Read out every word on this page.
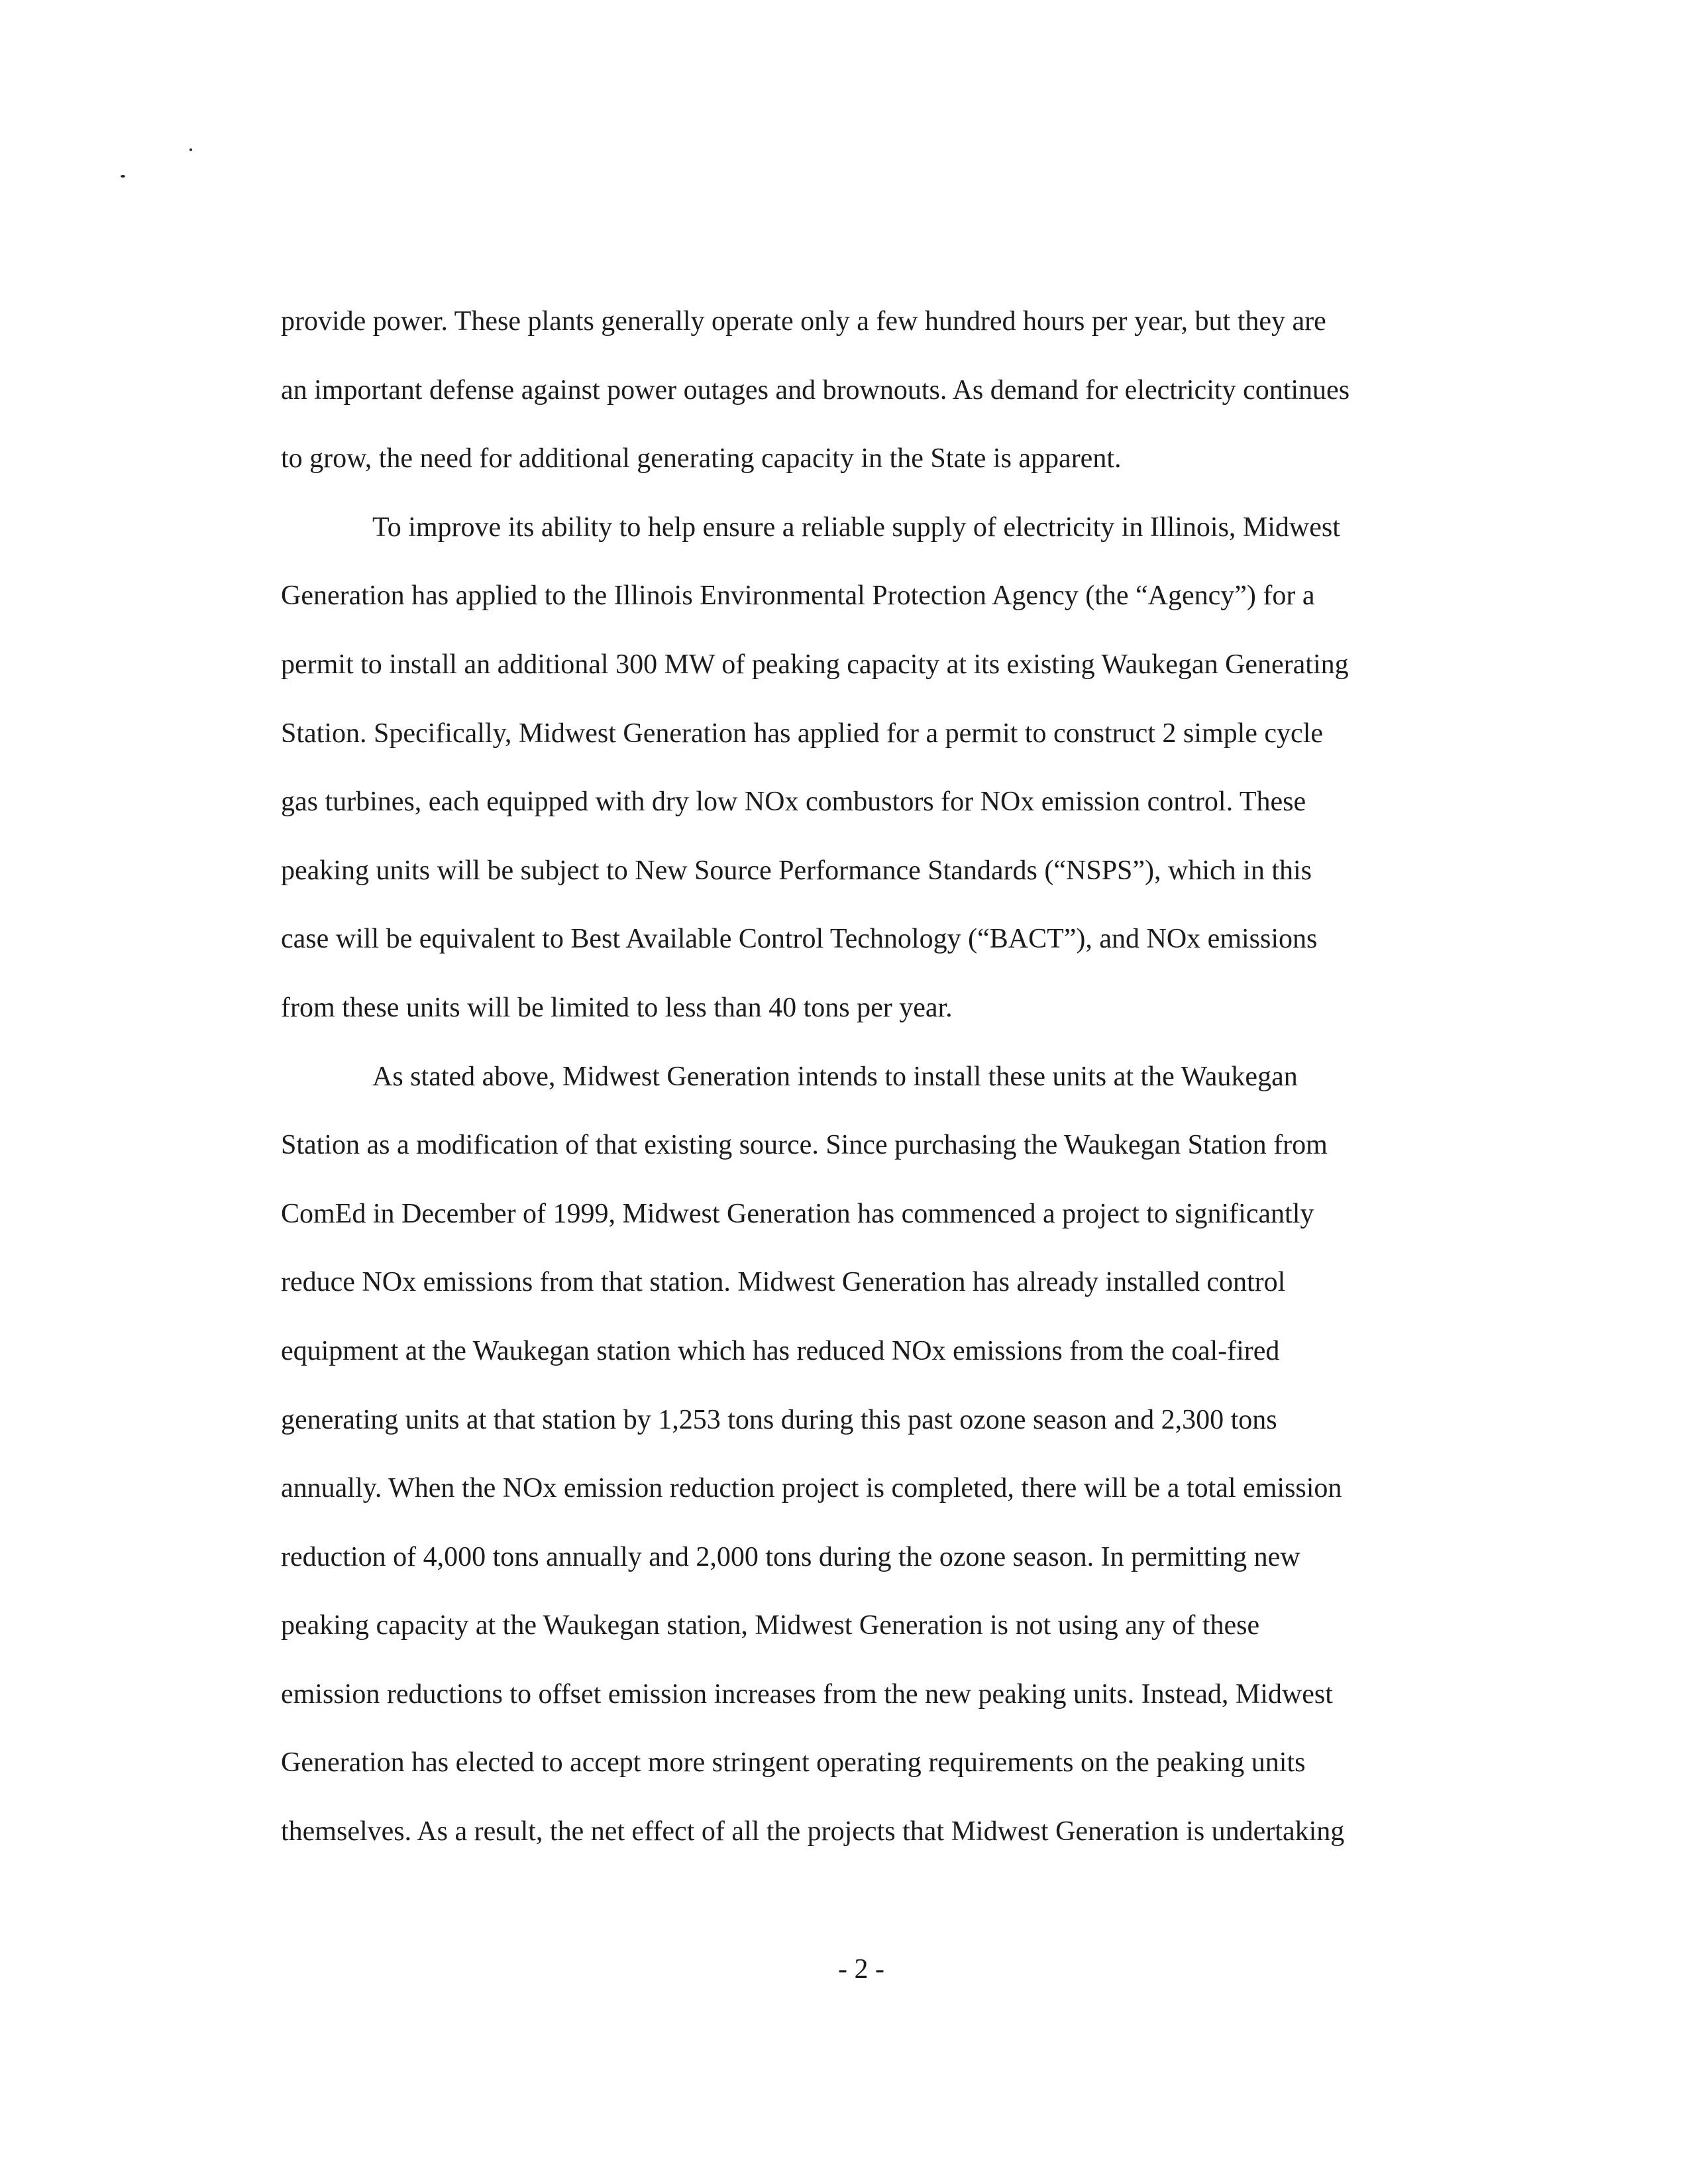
provide power. These plants generally operate only a few hundred hours per year, but they are
an important defense against power outages and brownouts. As demand for electricity continues
to grow, the need for additional generating capacity in the State is apparent.
To improve its ability to help ensure a reliable supply of electricity in Illinois, Midwest
Generation has applied to the Illinois Environmental Protection Agency (the “Agency”) for a
permit to install an additional 300 MW of peaking capacity at its existing Waukegan Generating
Station. Specifically, Midwest Generation has applied for a permit to construct 2 simple cycle
gas turbines, each equipped with dry low NOx combustors for NOx emission control. These
peaking units will be subject to New Source Performance Standards (“NSPS”), which in this
case will be equivalent to Best Available Control Technology (“BACT”), and NOx emissions
from these units will be limited to less than 40 tons per year.
As stated above, Midwest Generation intends to install these units at the Waukegan
Station as a modification of that existing source. Since purchasing the Waukegan Station from
ComEd in December of 1999, Midwest Generation has commenced a project to significantly
reduce NOx emissions from that station. Midwest Generation has already installed control
equipment at the Waukegan station which has reduced NOx emissions from the coal-fired
generating units at that station by 1,253 tons during this past ozone season and 2,300 tons
annually. When the NOx emission reduction project is completed, there will be a total emission
reduction of 4,000 tons annually and 2,000 tons during the ozone season. In permitting new
peaking capacity at the Waukegan station, Midwest Generation is not using any of these
emission reductions to offset emission increases from the new peaking units. Instead, Midwest
Generation has elected to accept more stringent operating requirements on the peaking units
themselves. As a result, the net effect of all the projects that Midwest Generation is undertaking
- 2 -
